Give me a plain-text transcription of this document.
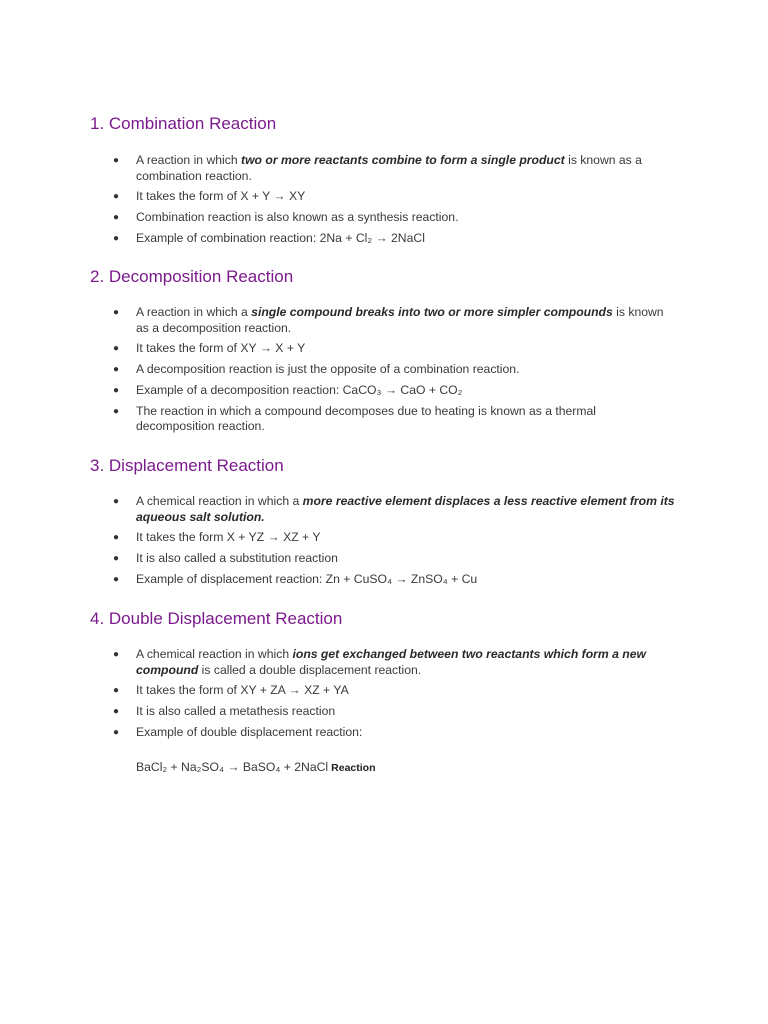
1. Combination Reaction
● A reaction in which two or more reactants combine to form a single product is known as a combination reaction.
● It takes the form of X + Y → XY
● Combination reaction is also known as a synthesis reaction.
● Example of combination reaction: 2Na + Cl₂ → 2NaCl
2. Decomposition Reaction
● A reaction in which a single compound breaks into two or more simpler compounds is known as a decomposition reaction.
● It takes the form of XY → X + Y
● A decomposition reaction is just the opposite of a combination reaction.
● Example of a decomposition reaction: CaCO₃ → CaO + CO₂
● The reaction in which a compound decomposes due to heating is known as a thermal decomposition reaction.
3. Displacement Reaction
● A chemical reaction in which a more reactive element displaces a less reactive element from its aqueous salt solution.
● It takes the form X + YZ → XZ + Y
● It is also called a substitution reaction
● Example of displacement reaction: Zn + CuSO₄ → ZnSO₄ + Cu
4. Double Displacement Reaction
● A chemical reaction in which ions get exchanged between two reactants which form a new compound is called a double displacement reaction.
● It takes the form of XY + ZA → XZ + YA
● It is also called a metathesis reaction
● Example of double displacement reaction:
BaCl₂ + Na₂SO₄ → BaSO₄ + 2NaCl Reaction
